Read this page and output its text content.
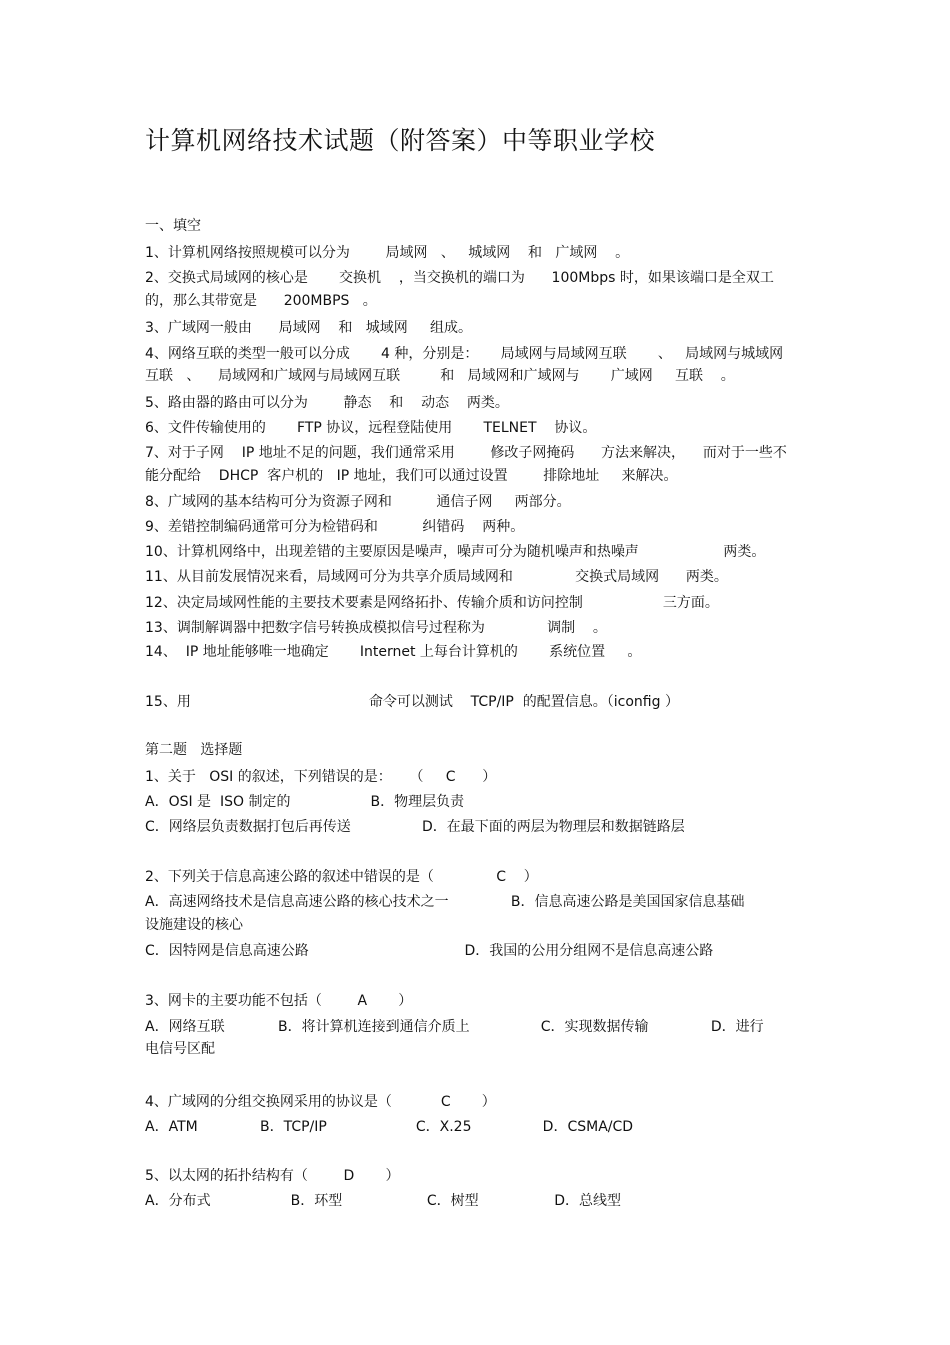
计算机网络技术试题（附答案）中等职业学校
一、填空
1、计算机网络按照规模可以分为        局域网   、   城域网    和   广域网    。
2、交换式局域网的核心是       交换机    ，当交换机的端口为      100Mbps 时，如果该端口是全双工
的，那么其带宽是      200MBPS   。
3、广域网一般由      局域网    和   城域网     组成。
4、网络互联的类型一般可以分成       4 种，分别是：     局域网与局域网互联       、   局域网与城域网
互联   、    局域网和广域网与局域网互联         和   局域网和广域网与       广域网     互联    。
5、路由器的路由可以分为        静态    和    动态    两类。
6、文件传输使用的       FTP 协议，远程登陆使用       TELNET    协议。
7、对于子网    IP 地址不足的问题，我们通常采用        修改子网掩码      方法来解决，    而对于一些不
能分配给    DHCP  客户机的   IP 地址，我们可以通过设置        排除地址     来解决。
8、广域网的基本结构可分为资源子网和          通信子网     两部分。
9、差错控制编码通常可分为检错码和          纠错码    两种。
10、计算机网络中，出现差错的主要原因是噪声，噪声可分为随机噪声和热噪声                   两类。
11、从目前发展情况来看，局域网可分为共享介质局域网和              交换式局域网      两类。
12、决定局域网性能的主要技术要素是网络拓扑、传输介质和访问控制                  三方面。
13、调制解调器中把数字信号转换成模拟信号过程称为              调制    。
14、  IP 地址能够唯一地确定       Internet 上每台计算机的       系统位置     。
15、用                                        命令可以测试    TCP/IP  的配置信息。（iconfig ）
第二题   选择题
1、关于   OSI 的叙述，下列错误的是：    （     C      ）
A．OSI 是  ISO 制定的                  B．物理层负责
C．网络层负责数据打包后再传送                D．在最下面的两层为物理层和数据链路层
2、下列关于信息高速公路的叙述中错误的是（              C    ）
A．高速网络技术是信息高速公路的核心技术之一              B．信息高速公路是美国国家信息基础
设施建设的核心
C．因特网是信息高速公路                                   D．我国的公用分组网不是信息高速公路
3、网卡的主要功能不包括（        A       ）
A．网络互联            B．将计算机连接到通信介质上                C．实现数据传输              D．进行
电信号区配
4、广域网的分组交换网采用的协议是（           C       ）
A．ATM              B．TCP/IP                    C．X.25                D．CSMA/CD
5、以太网的拓扑结构有（        D       ）
A．分布式                  B．环型                   C．树型                 D．总线型
